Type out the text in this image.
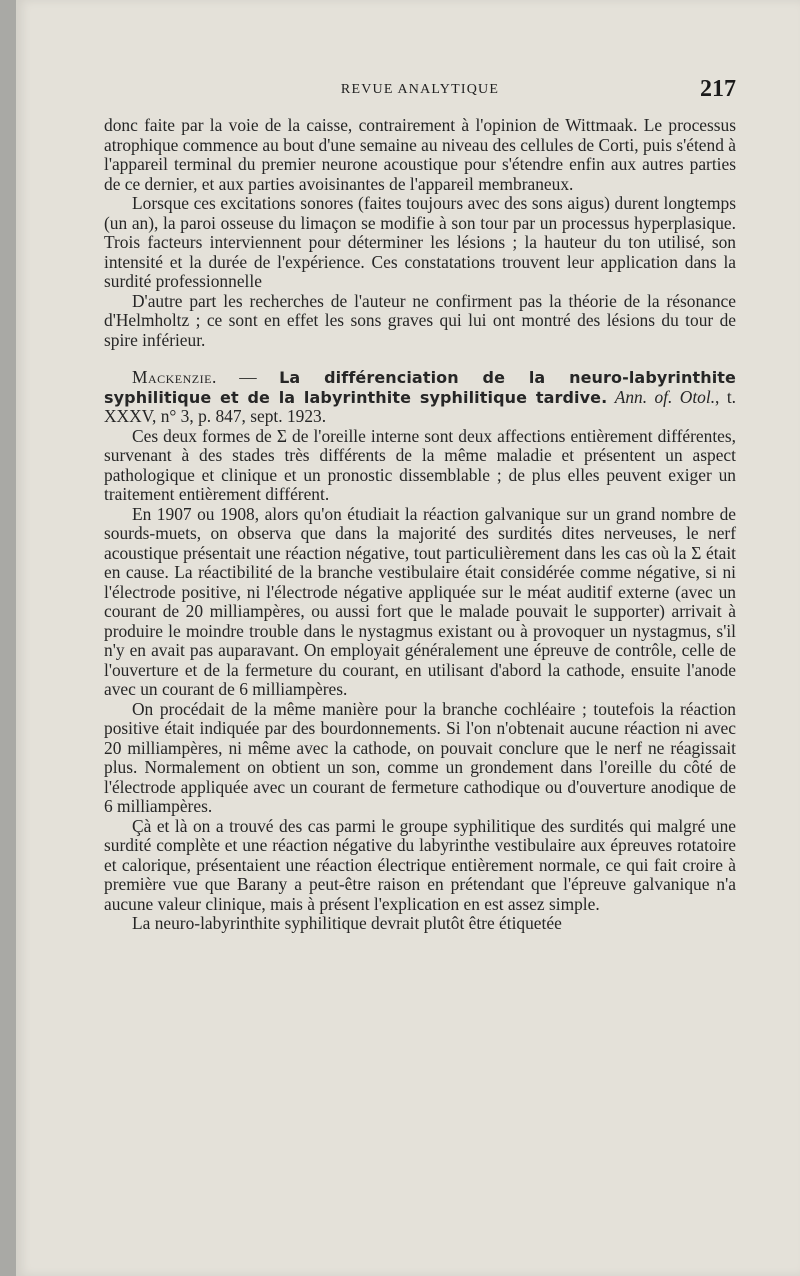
REVUE ANALYTIQUE	217

donc faite par la voie de la caisse, contrairement à l'opinion de Wittmaak. Le processus atrophique commence au bout d'une semaine au niveau des cellules de Corti, puis s'étend à l'appareil terminal du premier neurone acoustique pour s'étendre enfin aux autres parties de ce dernier, et aux parties avoisinantes de l'appareil membraneux.

Lorsque ces excitations sonores (faites toujours avec des sons aigus) durent longtemps (un an), la paroi osseuse du limaçon se modifie à son tour par un processus hyperplasique. Trois facteurs interviennent pour déterminer les lésions ; la hauteur du ton utilisé, son intensité et la durée de l'expérience. Ces constatations trouvent leur application dans la surdité professionnelle

D'autre part les recherches de l'auteur ne confirment pas la théorie de la résonance d'Helmholtz ; ce sont en effet les sons graves qui lui ont montré des lésions du tour de spire inférieur.

Mackenzie. — La différenciation de la neuro-labyrinthite syphilitique et de la labyrinthite syphilitique tardive. Ann. of. Otol., t. XXXV, n° 3, p. 847, sept. 1923.

Ces deux formes de Σ de l'oreille interne sont deux affections entièrement différentes, survenant à des stades très différents de la même maladie et présentent un aspect pathologique et clinique et un pronostic dissemblable ; de plus elles peuvent exiger un traitement entièrement différent.

En 1907 ou 1908, alors qu'on étudiait la réaction galvanique sur un grand nombre de sourds-muets, on observa que dans la majorité des surdités dites nerveuses, le nerf acoustique présentait une réaction négative, tout particulièrement dans les cas où la Σ était en cause. La réactibilité de la branche vestibulaire était considérée comme négative, si ni l'électrode positive, ni l'électrode négative appliquée sur le méat auditif externe (avec un courant de 20 milliampères, ou aussi fort que le malade pouvait le supporter) arrivait à produire le moindre trouble dans le nystagmus existant ou à provoquer un nystagmus, s'il n'y en avait pas auparavant. On employait généralement une épreuve de contrôle, celle de l'ouverture et de la fermeture du courant, en utilisant d'abord la cathode, ensuite l'anode avec un courant de 6 milliampères.

On procédait de la même manière pour la branche cochléaire ; toutefois la réaction positive était indiquée par des bourdonnements. Si l'on n'obtenait aucune réaction ni avec 20 milliampères, ni même avec la cathode, on pouvait conclure que le nerf ne réagissait plus. Normalement on obtient un son, comme un grondement dans l'oreille du côté de l'électrode appliquée avec un courant de fermeture cathodique ou d'ouverture anodique de 6 milliampères.

Çà et là on a trouvé des cas parmi le groupe syphilitique des surdités qui malgré une surdité complète et une réaction négative du labyrinthe vestibulaire aux épreuves rotatoire et calorique, présentaient une réaction électrique entièrement normale, ce qui fait croire à première vue que Barany a peut-être raison en prétendant que l'épreuve galvanique n'a aucune valeur clinique, mais à présent l'explication en est assez simple.

La neuro-labyrinthite syphilitique devrait plutôt être étiquetée
